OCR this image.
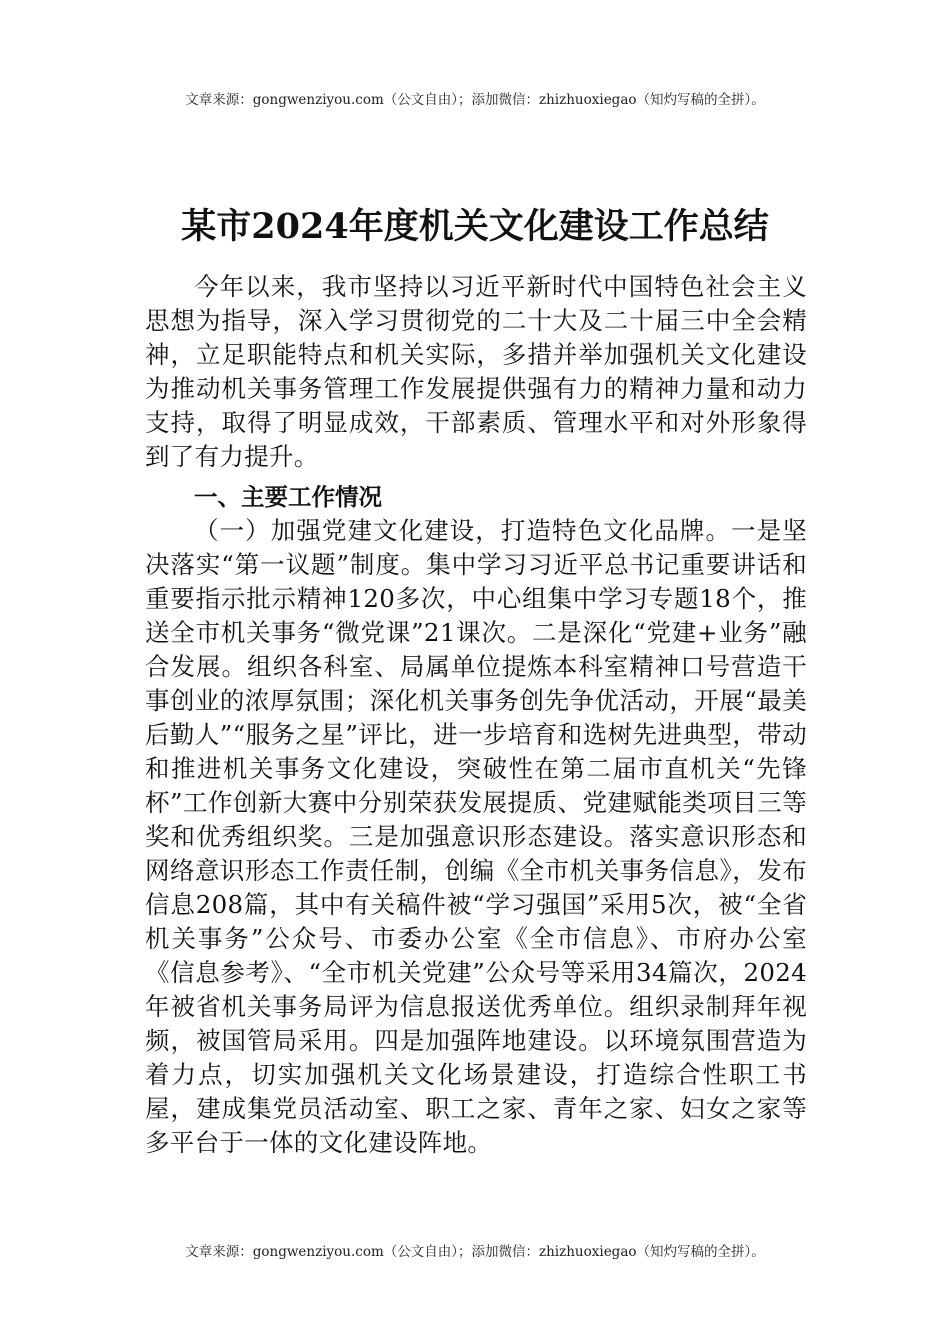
文章来源：gongwenziyou.com（公文自由）；添加微信：zhizhuoxiegao（知灼写稿的全拼）。
某市2024年度机关文化建设工作总结

今年以来，我市坚持以习近平新时代中国特色社会主义思想为指导，深入学习贯彻党的二十大及二十届三中全会精神，立足职能特点和机关实际，多措并举加强机关文化建设为推动机关事务管理工作发展提供强有力的精神力量和动力支持，取得了明显成效，干部素质、管理水平和对外形象得到了有力提升。

一、主要工作情况

（一）加强党建文化建设，打造特色文化品牌。一是坚决落实“第一议题”制度。集中学习习近平总书记重要讲话和重要指示批示精神120多次，中心组集中学习专题18个，推送全市机关事务“微党课”21课次。二是深化“党建+业务”融合发展。组织各科室、局属单位提炼本科室精神口号营造干事创业的浓厚氛围；深化机关事务创先争优活动，开展“最美后勤人”“服务之星”评比，进一步培育和选树先进典型，带动和推进机关事务文化建设，突破性在第二届市直机关“先锋杯”工作创新大赛中分别荣获发展提质、党建赋能类项目三等奖和优秀组织奖。三是加强意识形态建设。落实意识形态和网络意识形态工作责任制，创编《全市机关事务信息》，发布信息208篇，其中有关稿件被“学习强国”采用5次，被“全省机关事务”公众号、市委办公室《全市信息》、市府办公室《信息参考》、“全市机关党建”公众号等采用34篇次，2024年被省机关事务局评为信息报送优秀单位。组织录制拜年视频，被国管局采用。四是加强阵地建设。以环境氛围营造为着力点，切实加强机关文化场景建设，打造综合性职工书屋，建成集党员活动室、职工之家、青年之家、妇女之家等多平台于一体的文化建设阵地。

文章来源：gongwenziyou.com（公文自由）；添加微信：zhizhuoxiegao（知灼写稿的全拼）。
